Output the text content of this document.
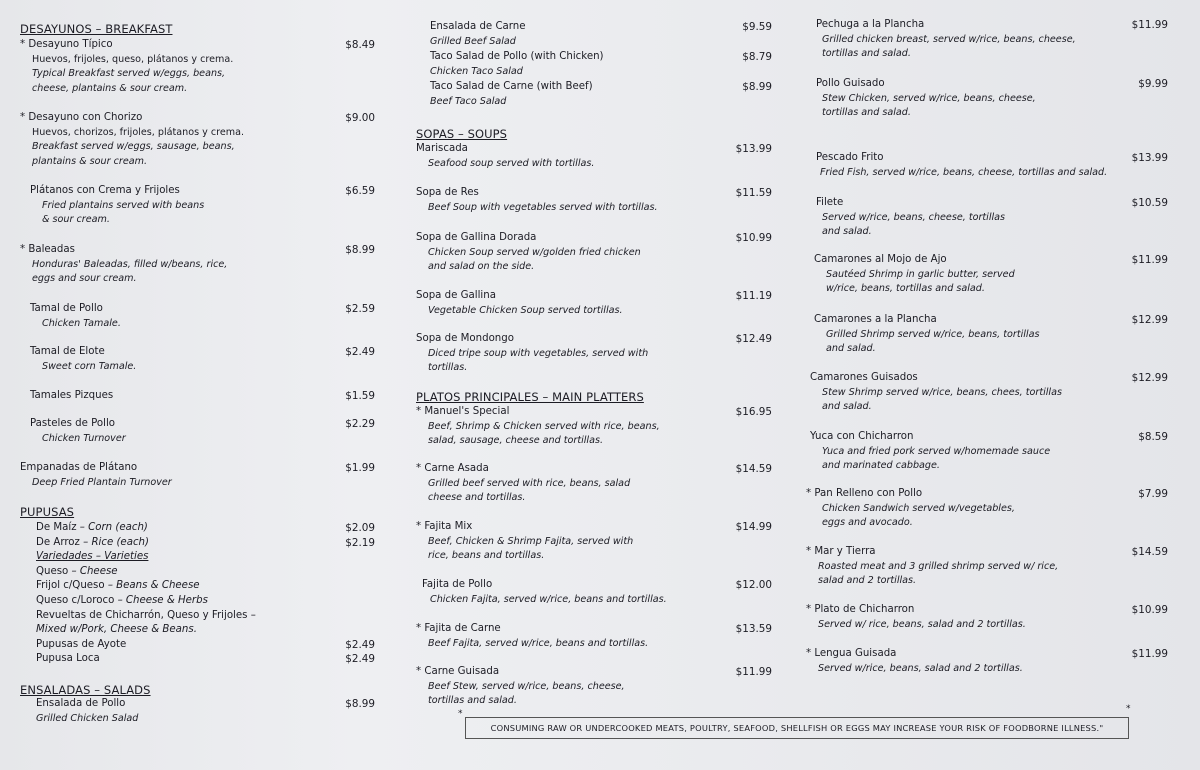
DESAYUNOS – BREAKFAST
* Desayuno Típico	$8.49
Huevos, frijoles, queso, plátanos y crema.
Typical Breakfast served w/eggs, beans,
cheese, plantains & sour cream.
* Desayuno con Chorizo	$9.00
Huevos, chorizos, frijoles, plátanos y crema.
Breakfast served w/eggs, sausage, beans,
plantains & sour cream.
Plátanos con Crema y Frijoles	$6.59
Fried plantains served with beans
& sour cream.
* Baleadas	$8.99
Honduras' Baleadas, filled w/beans, rice,
eggs and sour cream.
Tamal de Pollo	$2.59
Chicken Tamale.
Tamal de Elote	$2.49
Sweet corn Tamale.
Tamales Pizques	$1.59
Pasteles de Pollo	$2.29
Chicken Turnover
Empanadas de Plátano	$1.99
Deep Fried Plantain Turnover
PUPUSAS
De Maíz – Corn (each)	$2.09
De Arroz – Rice (each)	$2.19
Variedades – Varieties
Queso – Cheese
Frijol c/Queso – Beans & Cheese
Queso c/Loroco – Cheese & Herbs
Revueltas de Chicharrón, Queso y Frijoles –
Mixed w/Pork, Cheese & Beans.
Pupusas de Ayote	$2.49
Pupusa Loca	$2.49
ENSALADAS – SALADS
Ensalada de Pollo	$8.99
Grilled Chicken Salad
Ensalada de Carne	$9.59
Grilled Beef Salad
Taco Salad de Pollo (with Chicken)	$8.79
Chicken Taco Salad
Taco Salad de Carne (with Beef)	$8.99
Beef Taco Salad
SOPAS – SOUPS
Mariscada	$13.99
Seafood soup served with tortillas.
Sopa de Res	$11.59
Beef Soup with vegetables served with tortillas.
Sopa de Gallina Dorada	$10.99
Chicken Soup served w/golden fried chicken
and salad on the side.
Sopa de Gallina	$11.19
Vegetable Chicken Soup served tortillas.
Sopa de Mondongo	$12.49
Diced tripe soup with vegetables, served with
tortillas.
PLATOS PRINCIPALES – MAIN PLATTERS
* Manuel's Special	$16.95
Beef, Shrimp & Chicken served with rice, beans,
salad, sausage, cheese and tortillas.
* Carne Asada	$14.59
Grilled beef served with rice, beans, salad
cheese and tortillas.
* Fajita Mix	$14.99
Beef, Chicken & Shrimp Fajita, served with
rice, beans and tortillas.
Fajita de Pollo	$12.00
Chicken Fajita, served w/rice, beans and tortillas.
* Fajita de Carne	$13.59
Beef Fajita, served w/rice, beans and tortillas.
* Carne Guisada	$11.99
Beef Stew, served w/rice, beans, cheese,
tortillas and salad.
Pechuga a la Plancha	$11.99
Grilled chicken breast, served w/rice, beans, cheese,
tortillas and salad.
Pollo Guisado	$9.99
Stew Chicken, served w/rice, beans, cheese,
tortillas and salad.
Pescado Frito	$13.99
Fried Fish, served w/rice, beans, cheese, tortillas and salad.
Filete	$10.59
Served w/rice, beans, cheese, tortillas
and salad.
Camarones al Mojo de Ajo	$11.99
Sautéed Shrimp in garlic butter, served
w/rice, beans, tortillas and salad.
Camarones a la Plancha	$12.99
Grilled Shrimp served w/rice, beans, tortillas
and salad.
Camarones Guisados	$12.99
Stew Shrimp served w/rice, beans, chees, tortillas
and salad.
Yuca con Chicharron	$8.59
Yuca and fried pork served w/homemade sauce
and marinated cabbage.
* Pan Relleno con Pollo	$7.99
Chicken Sandwich served w/vegetables,
eggs and avocado.
* Mar y Tierra	$14.59
Roasted meat and 3 grilled shrimp served w/ rice,
salad and 2 tortillas.
* Plato de Chicharron	$10.99
Served w/ rice, beans, salad and 2 tortillas.
* Lengua Guisada	$11.99
Served w/rice, beans, salad and 2 tortillas.
*	*
CONSUMING RAW OR UNDERCOOKED MEATS, POULTRY, SEAFOOD, SHELLFISH OR EGGS MAY INCREASE YOUR RISK OF FOODBORNE ILLNESS."
